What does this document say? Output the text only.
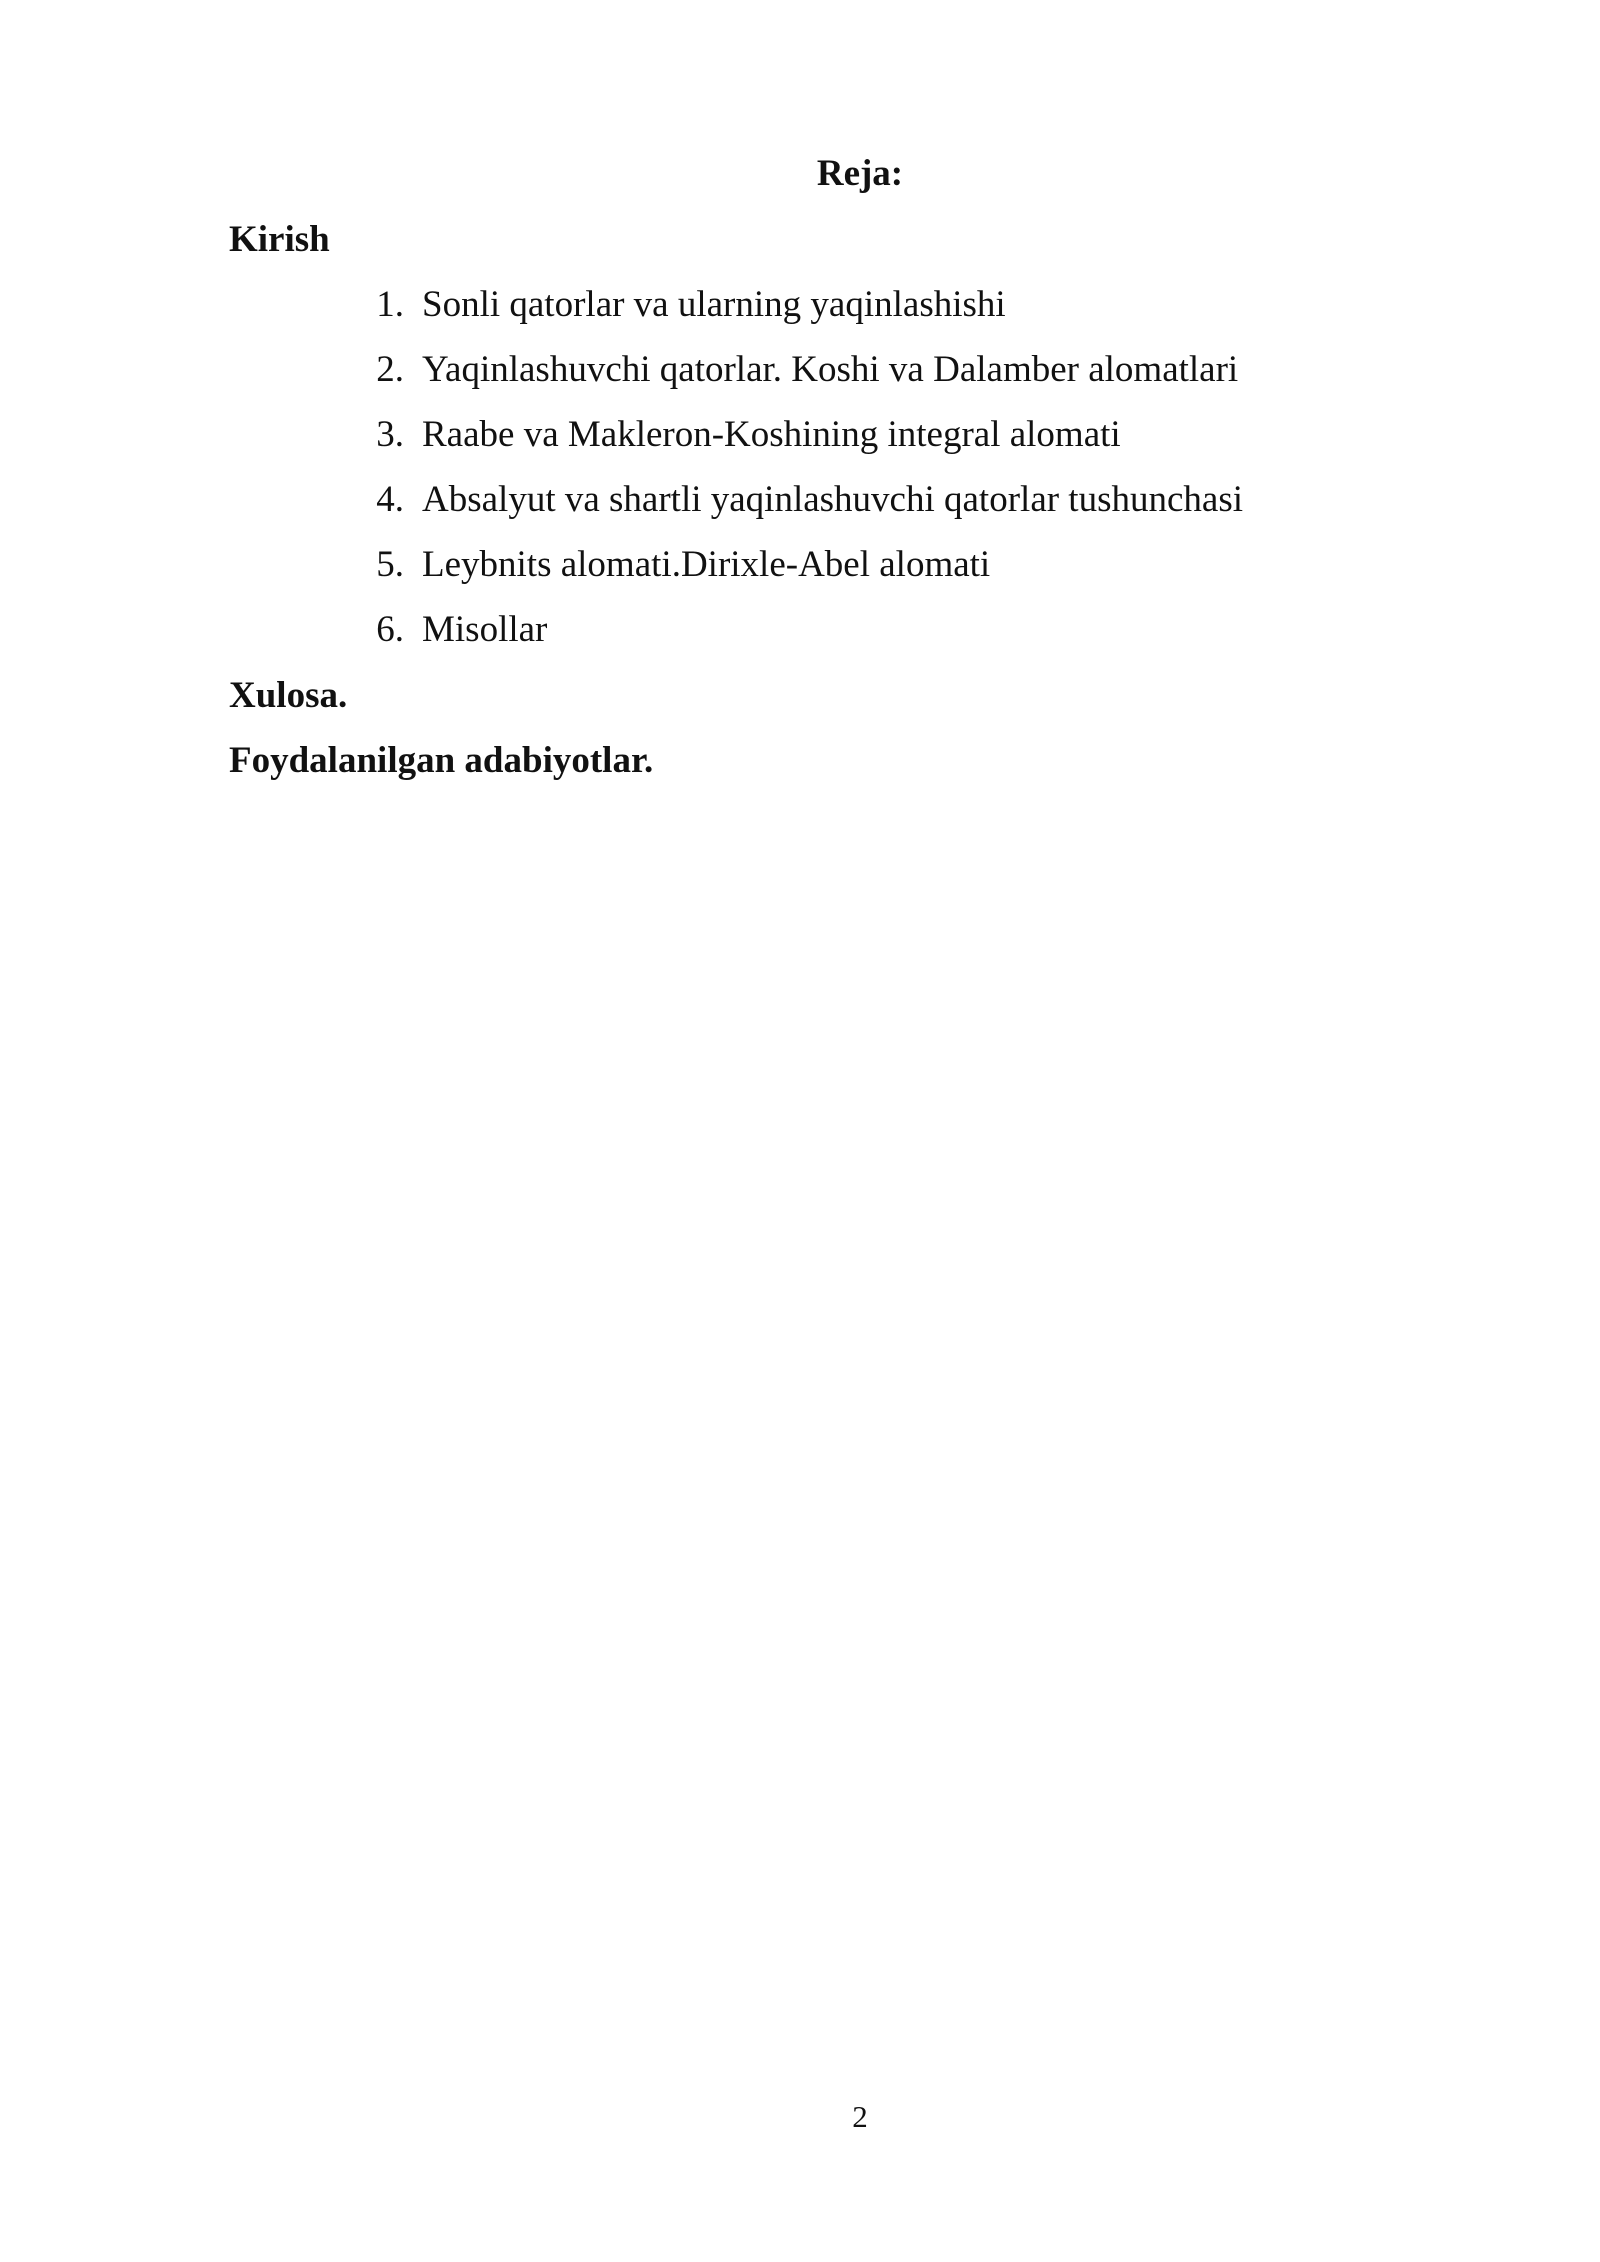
Reja:
Kirish
1. Sonli qatorlar va ularning yaqinlashishi
2. Yaqinlashuvchi qatorlar. Koshi va Dalamber alomatlari
3. Raabe va Makleron-Koshining integral alomati
4. Absalyut va shartli yaqinlashuvchi qatorlar tushunchasi
5. Leybnits alomati.Dirixle-Abel alomati
6. Misollar
Xulosa.
Foydalanilgan adabiyotlar.
2
